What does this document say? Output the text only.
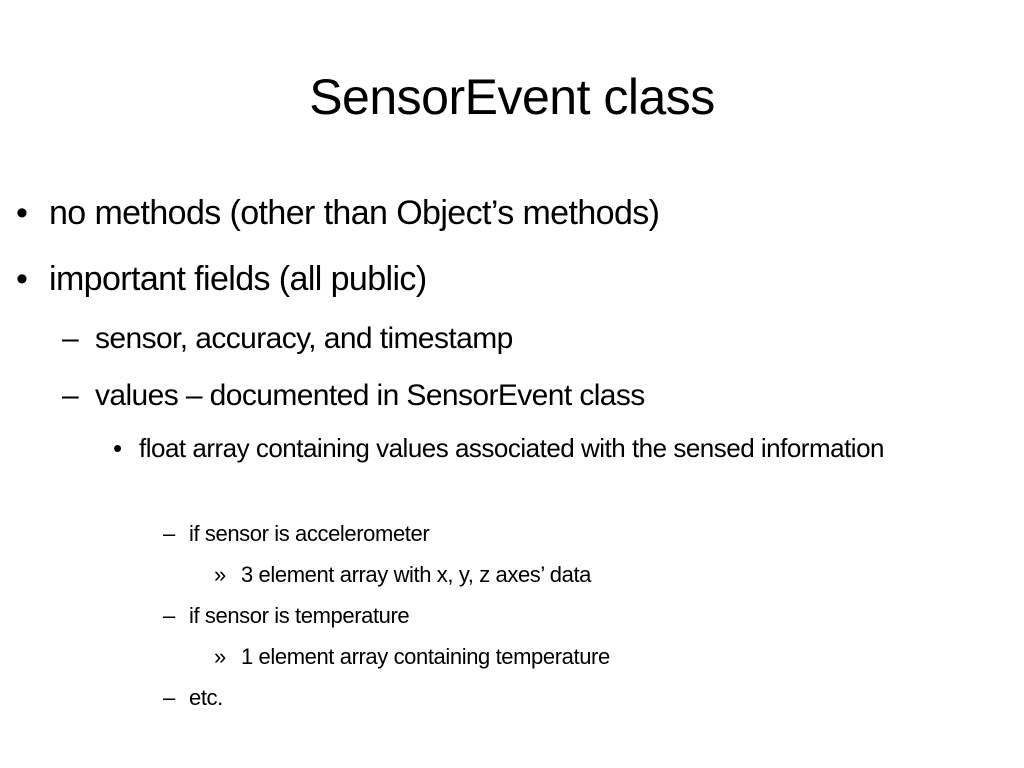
SensorEvent class
• no methods (other than Object’s methods)
• important fields (all public)
– sensor, accuracy, and timestamp
– values – documented in SensorEvent class
• float array containing values associated with the sensed information
– if sensor is accelerometer
» 3 element array with x, y, z axes’ data
– if sensor is temperature
» 1 element array containing temperature
– etc.
